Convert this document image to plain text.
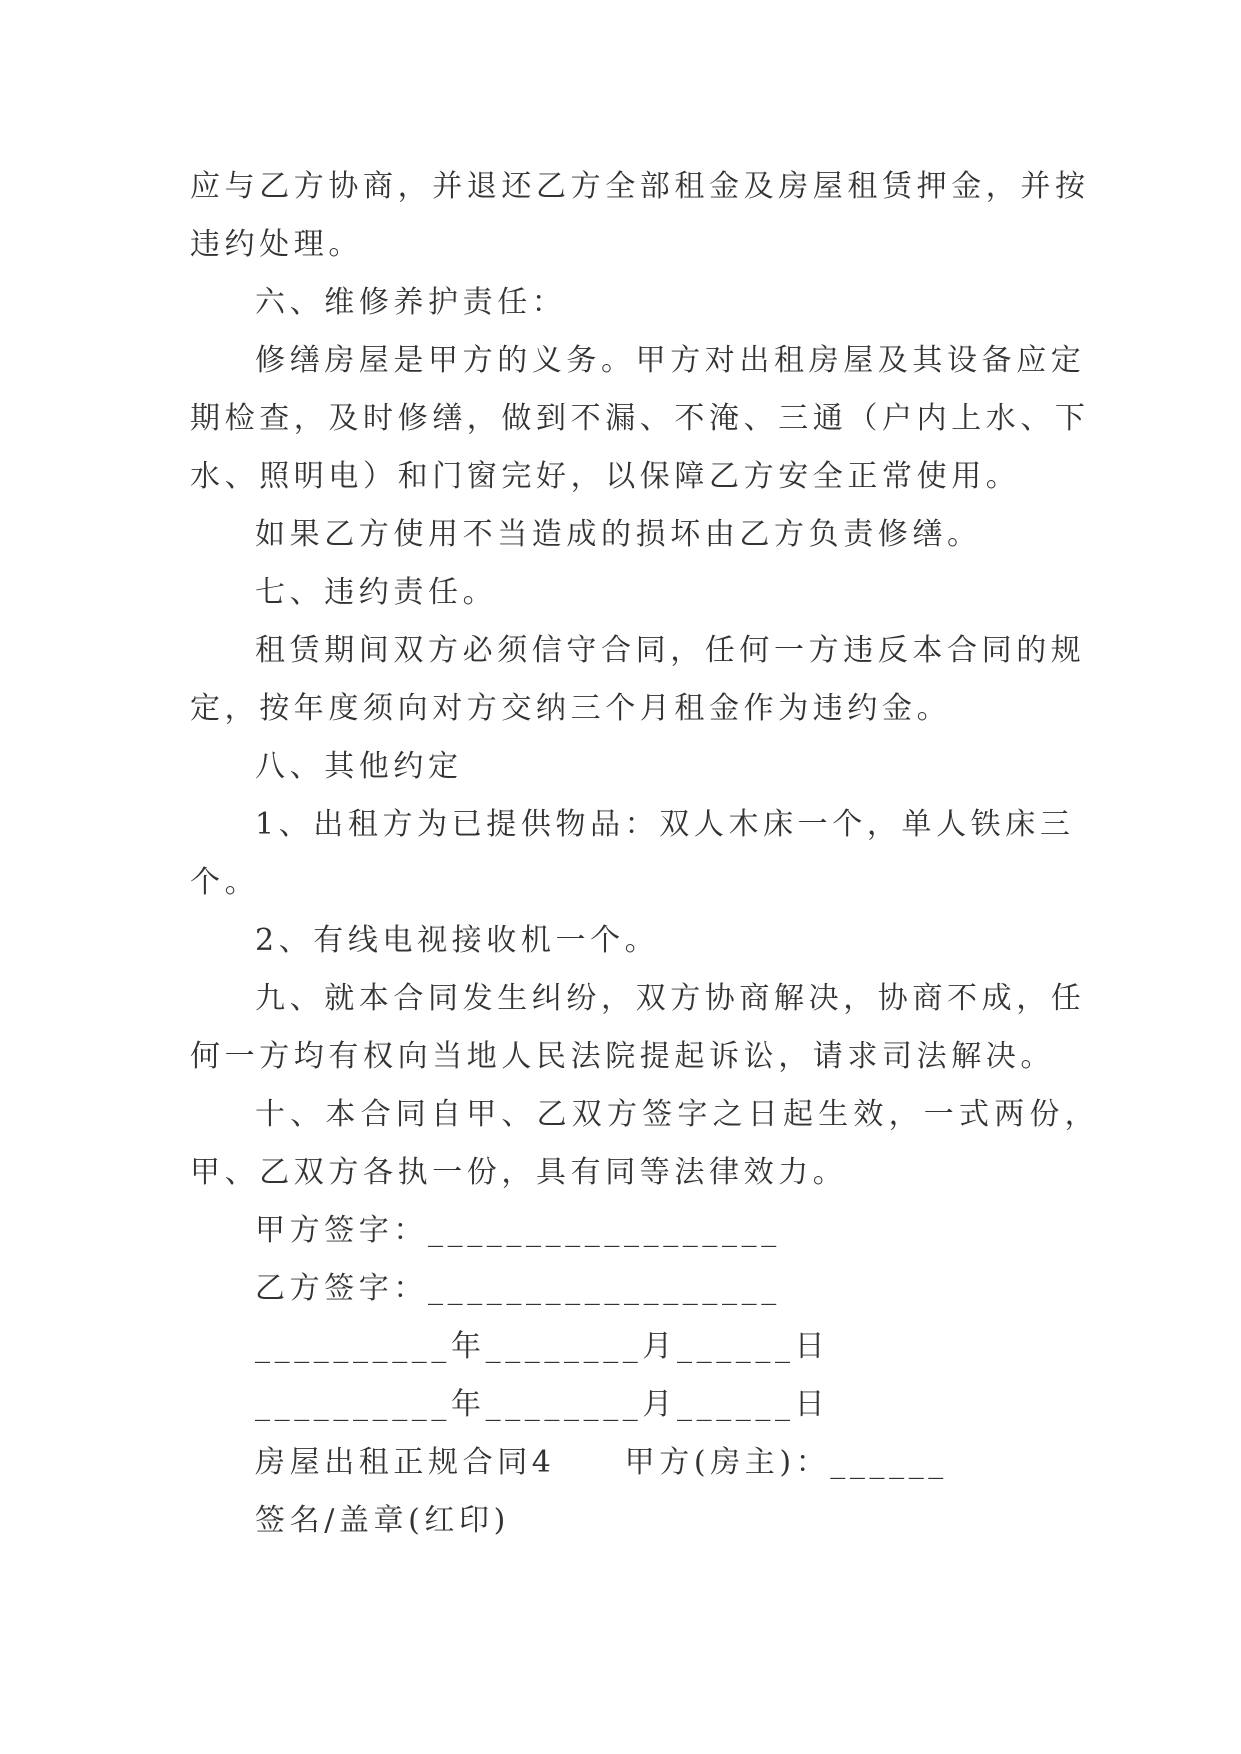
应与乙方协商，并退还乙方全部租金及房屋租赁押金，并按
违约处理。
六、维修养护责任：
修缮房屋是甲方的义务。甲方对出租房屋及其设备应定
期检查，及时修缮，做到不漏、不淹、三通（户内上水、下
水、照明电）和门窗完好，以保障乙方安全正常使用。
如果乙方使用不当造成的损坏由乙方负责修缮。
七、违约责任。
租赁期间双方必须信守合同，任何一方违反本合同的规
定，按年度须向对方交纳三个月租金作为违约金。
八、其他约定
1、出租方为已提供物品：双人木床一个，单人铁床三
个。
2、有线电视接收机一个。
九、就本合同发生纠纷，双方协商解决，协商不成，任
何一方均有权向当地人民法院提起诉讼，请求司法解决。
十、本合同自甲、乙双方签字之日起生效，一式两份，
甲、乙双方各执一份，具有同等法律效力。
甲方签字：__________________
乙方签字：__________________
__________年________月______日
__________年________月______日
房屋出租正规合同4　　甲方(房主)：______
签名/盖章(红印)
